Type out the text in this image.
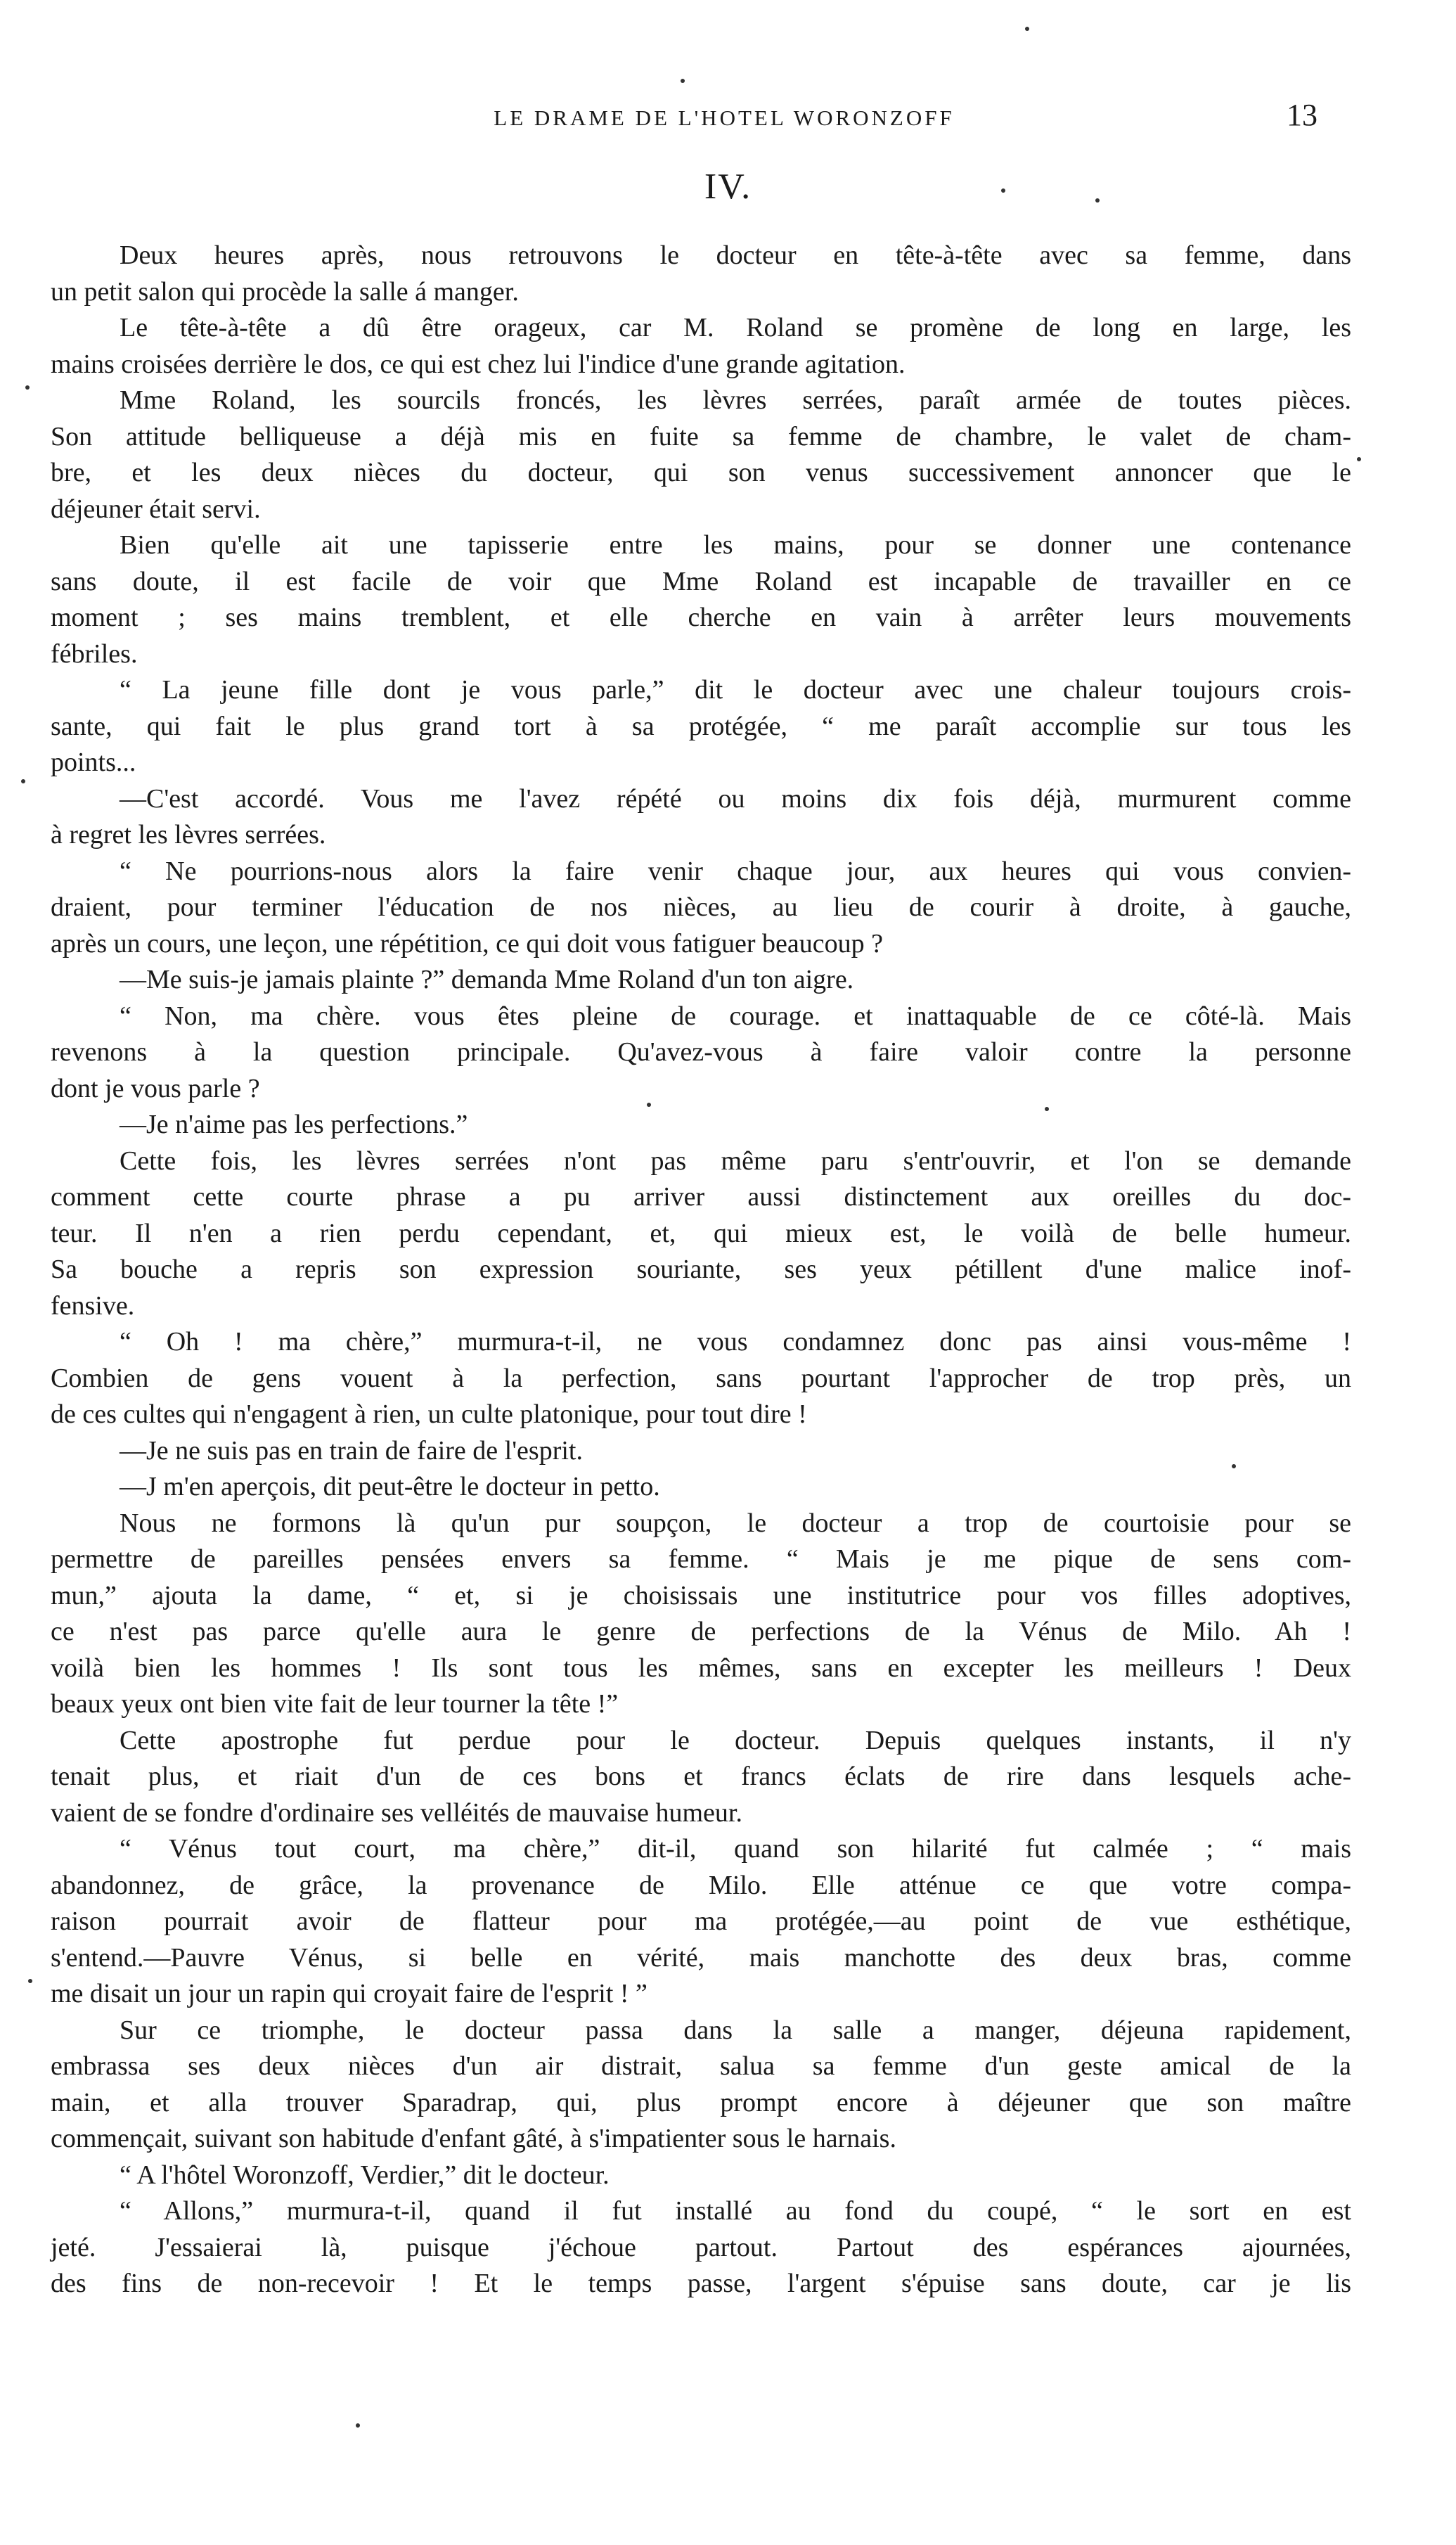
LE DRAME DE L'HOTEL WORONZOFF	13
IV.
Deux heures après, nous retrouvons le docteur en tête-à-tête avec sa femme, dans
un petit salon qui procède la salle á manger.
Le tête-à-tête a dû être orageux, car M. Roland se promène de long en large, les
mains croisées derrière le dos, ce qui est chez lui l'indice d'une grande agitation.
Mme Roland, les sourcils froncés, les lèvres serrées, paraît armée de toutes pièces.
Son attitude belliqueuse a déjà mis en fuite sa femme de chambre, le valet de cham-
bre, et les deux nièces du docteur, qui son venus successivement annoncer que le
déjeuner était servi.
Bien qu'elle ait une tapisserie entre les mains, pour se donner une contenance
sans doute, il est facile de voir que Mme Roland est incapable de travailler en ce
moment ; ses mains tremblent, et elle cherche en vain à arrêter leurs mouvements
fébriles.
“ La jeune fille dont je vous parle,” dit le docteur avec une chaleur toujours crois-
sante, qui fait le plus grand tort à sa protégée, “ me paraît accomplie sur tous les
points...
—C'est accordé. Vous me l'avez répété ou moins dix fois déjà, murmurent comme
à regret les lèvres serrées.
“ Ne pourrions-nous alors la faire venir chaque jour, aux heures qui vous convien-
draient, pour terminer l'éducation de nos nièces, au lieu de courir à droite, à gauche,
après un cours, une leçon, une répétition, ce qui doit vous fatiguer beaucoup ?
—Me suis-je jamais plainte ?” demanda Mme Roland d'un ton aigre.
“ Non, ma chère. vous êtes pleine de courage. et inattaquable de ce côté-là. Mais
revenons à la question principale. Qu'avez-vous à faire valoir contre la personne
dont je vous parle ?
—Je n'aime pas les perfections.”
Cette fois, les lèvres serrées n'ont pas même paru s'entr'ouvrir, et l'on se demande
comment cette courte phrase a pu arriver aussi distinctement aux oreilles du doc-
teur. Il n'en a rien perdu cependant, et, qui mieux est, le voilà de belle humeur.
Sa bouche a repris son expression souriante, ses yeux pétillent d'une malice inof-
fensive.
“ Oh ! ma chère,” murmura-t-il, ne vous condamnez donc pas ainsi vous-même !
Combien de gens vouent à la perfection, sans pourtant l'approcher de trop près, un
de ces cultes qui n'engagent à rien, un culte platonique, pour tout dire !
—Je ne suis pas en train de faire de l'esprit.
—J m'en aperçois, dit peut-être le docteur in petto.
Nous ne formons là qu'un pur soupçon, le docteur a trop de courtoisie pour se
permettre de pareilles pensées envers sa femme. “ Mais je me pique de sens com-
mun,” ajouta la dame, “ et, si je choisissais une institutrice pour vos filles adoptives,
ce n'est pas parce qu'elle aura le genre de perfections de la Vénus de Milo. Ah !
voilà bien les hommes ! Ils sont tous les mêmes, sans en excepter les meilleurs ! Deux
beaux yeux ont bien vite fait de leur tourner la tête !”
Cette apostrophe fut perdue pour le docteur. Depuis quelques instants, il n'y
tenait plus, et riait d'un de ces bons et francs éclats de rire dans lesquels ache-
vaient de se fondre d'ordinaire ses velléités de mauvaise humeur.
“ Vénus tout court, ma chère,” dit-il, quand son hilarité fut calmée ; “ mais
abandonnez, de grâce, la provenance de Milo. Elle atténue ce que votre compa-
raison pourrait avoir de flatteur pour ma protégée,—au point de vue esthétique,
s'entend.—Pauvre Vénus, si belle en vérité, mais manchotte des deux bras, comme
me disait un jour un rapin qui croyait faire de l'esprit ! ”
Sur ce triomphe, le docteur passa dans la salle a manger, déjeuna rapidement,
embrassa ses deux nièces d'un air distrait, salua sa femme d'un geste amical de la
main, et alla trouver Sparadrap, qui, plus prompt encore à déjeuner que son maître
commençait, suivant son habitude d'enfant gâté, à s'impatienter sous le harnais.
“ A l'hôtel Woronzoff, Verdier,” dit le docteur.
“ Allons,” murmura-t-il, quand il fut installé au fond du coupé, “ le sort en est
jeté. J'essaierai là, puisque j'échoue partout. Partout des espérances ajournées,
des fins de non-recevoir ! Et le temps passe, l'argent s'épuise sans doute, car je lis
